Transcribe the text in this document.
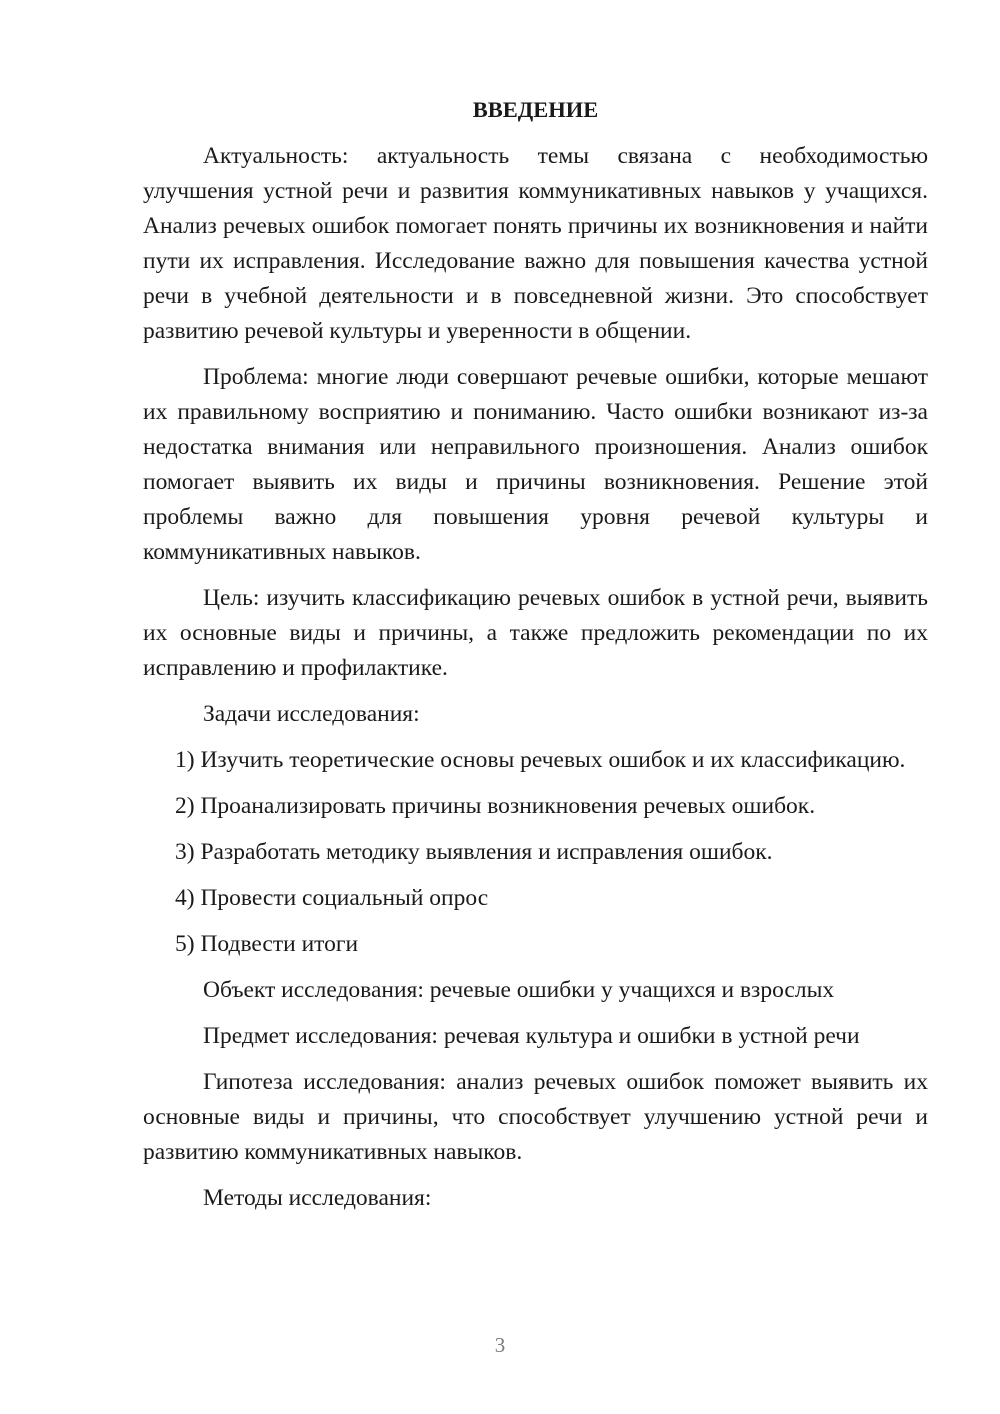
ВВЕДЕНИЕ

Актуальность: актуальность темы связана с необходимостью улучшения устной речи и развития коммуникативных навыков у учащихся. Анализ речевых ошибок помогает понять причины их возникновения и найти пути их исправления. Исследование важно для повышения качества устной речи в учебной деятельности и в повседневной жизни. Это способствует развитию речевой культуры и уверенности в общении.

Проблема: многие люди совершают речевые ошибки, которые мешают их правильному восприятию и пониманию. Часто ошибки возникают из-за недостатка внимания или неправильного произношения. Анализ ошибок помогает выявить их виды и причины возникновения. Решение этой проблемы важно для повышения уровня речевой культуры и коммуникативных навыков.

Цель: изучить классификацию речевых ошибок в устной речи, выявить их основные виды и причины, а также предложить рекомендации по их исправлению и профилактике.

Задачи исследования:

1) Изучить теоретические основы речевых ошибок и их классификацию.

2) Проанализировать причины возникновения речевых ошибок.

3) Разработать методику выявления и исправления ошибок.

4) Провести социальный опрос

5) Подвести итоги

Объект исследования: речевые ошибки у учащихся и взрослых

Предмет исследования: речевая культура и ошибки в устной речи

Гипотеза исследования: анализ речевых ошибок поможет выявить их основные виды и причины, что способствует улучшению устной речи и развитию коммуникативных навыков.

Методы исследования:

3
